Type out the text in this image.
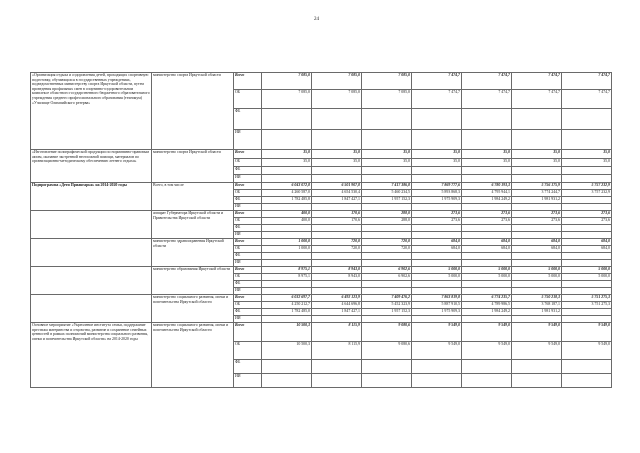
24
«Организация отдыха и оздоровления детей, проходящих спортивную подготовку, обучающихся в государственных учреждениях, подведомственных министерству спорта Иркутской области, путем проведения профильных смен в спортивно-оздоровительном комплексе областного государственного бюджетного образовательного учреждения среднего профессионального образования (техникум) «Училище Олимпийского резерва»	министерство спорта Иркутской области	Всего	7 085,0	7 085,0	7 085,0	7 474,7	7 474,7	7 474,7	7 474,7
		ОБ	7 085,0	7 085,0	7 085,0	7 474,7	7 474,7	7 474,7	7 474,7
		ФБ							
		ИИ							
«Изготовление полиграфической продукции по нормативно-правовым актам, оказание экстренной неотложной помощи, материалов по организационно-методическому обеспечению летнего отдыха»	министерство спорта Иркутской области	Всего	35,0	35,0	35,0	35,0	35,0	35,0	35,0
		ОБ	35,0	35,0	35,0	35,0	35,0	35,0	35,0
		ФБ							
		ИИ							
Подпрограмма «Дети Приангарья» на 2014-2020 годы	Всего, в том числе	Всего	6 043 072,8	6 501 907,8	7 417 386,8	7 869 777,6	6 780 193,3	5 756 175,9	5 757 232,9
		ОБ	4 260 587,0	4 654 530,4	5 460 234,5	5 893 868,3	4 795 944,1	3 774 244,7	3 757 232,9
		ФБ	1 782 485,8	1 847 427,1	1 957 152,3	1 975 909,3	1 984 249,2	1 981 931,2	
		ИИ							
	аппарат Губернатора Иркутской области и Правительства Иркутской области	Всего	400,0	170,6	288,0	273,6	273,6	273,6	273,6
		ОБ	400,0	170,6	288,0	273,6	273,6	273,6	273,6
		ФБ							
		ИИ							
	министерство здравоохранения Иркутской области	Всего	1 000,0	720,0	720,0	684,0	684,0	684,0	684,0
		ОБ	1 000,0	720,0	720,0	684,0	684,0	684,0	684,0
		ФБ							
		ИИ							
	министерство образования Иркутской области	Всего	8 975,1	8 943,0	6 902,6	5 000,0	5 000,0	5 000,0	5 000,0
		ОБ	8 975,1	8 943,0	6 902,6	5 000,0	5 000,0	5 000,0	5 000,0
		ФБ							
		ИИ							
	министерство социального развития, опеки и попечительства Иркутской области	Всего	6 032 697,7	6 492 123,9	7 409 476,2	7 863 819,8	6 774 235,7	5 750 218,3	5 751 275,3
		ОБ	4 250 212,7	4 644 696,8	5 452 323,9	5 887 910,5	4 789 986,5	3 768 187,1	3 751 275,3
		ФБ	1 782 485,0	1 847 427,1	1 957 152,3	1 975 909,3	1 984 249,2	1 981 931,2	
		ИИ							
Основное мероприятие «Укрепление института семьи, поддержание престижа материнства и отцовства, развитие и сохранение семейных ценностей в рамках полномочий министерства социального развития, опеки и попечительства Иркутской области» на 2014-2020 годы	министерство социального развития, опеки и попечительства Иркутской области	Всего	10 500,3	8 115,9	9 080,6	9 549,0	9 549,0	9 549,0	9 549,0
		ОБ	10 500,3	8 115,9	9 080,6	9 549,0	9 549,0	9 549,0	9 549,0
		ФБ							
		ИИ							
